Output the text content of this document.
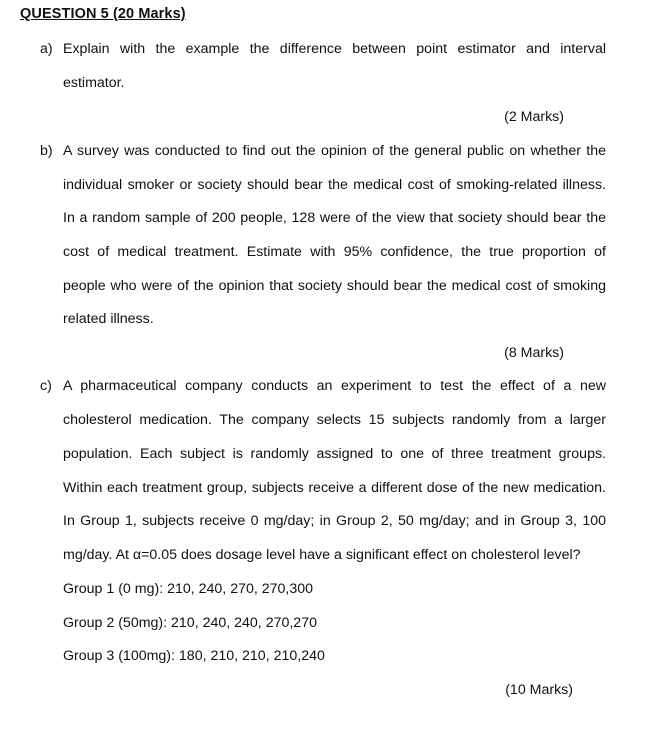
QUESTION 5 (20 Marks)
a) Explain with the example the difference between point estimator and interval
estimator.
(2 Marks)
b) A survey was conducted to find out the opinion of the general public on whether the
individual smoker or society should bear the medical cost of smoking-related illness.
In a random sample of 200 people, 128 were of the view that society should bear the
cost of medical treatment. Estimate with 95% confidence, the true proportion of
people who were of the opinion that society should bear the medical cost of smoking
related illness.
(8 Marks)
c) A pharmaceutical company conducts an experiment to test the effect of a new
cholesterol medication. The company selects 15 subjects randomly from a larger
population. Each subject is randomly assigned to one of three treatment groups.
Within each treatment group, subjects receive a different dose of the new medication.
In Group 1, subjects receive 0 mg/day; in Group 2, 50 mg/day; and in Group 3, 100
mg/day. At α=0.05 does dosage level have a significant effect on cholesterol level?
Group 1 (0 mg): 210, 240, 270, 270,300
Group 2 (50mg): 210, 240, 240, 270,270
Group 3 (100mg): 180, 210, 210, 210,240
(10 Marks)
